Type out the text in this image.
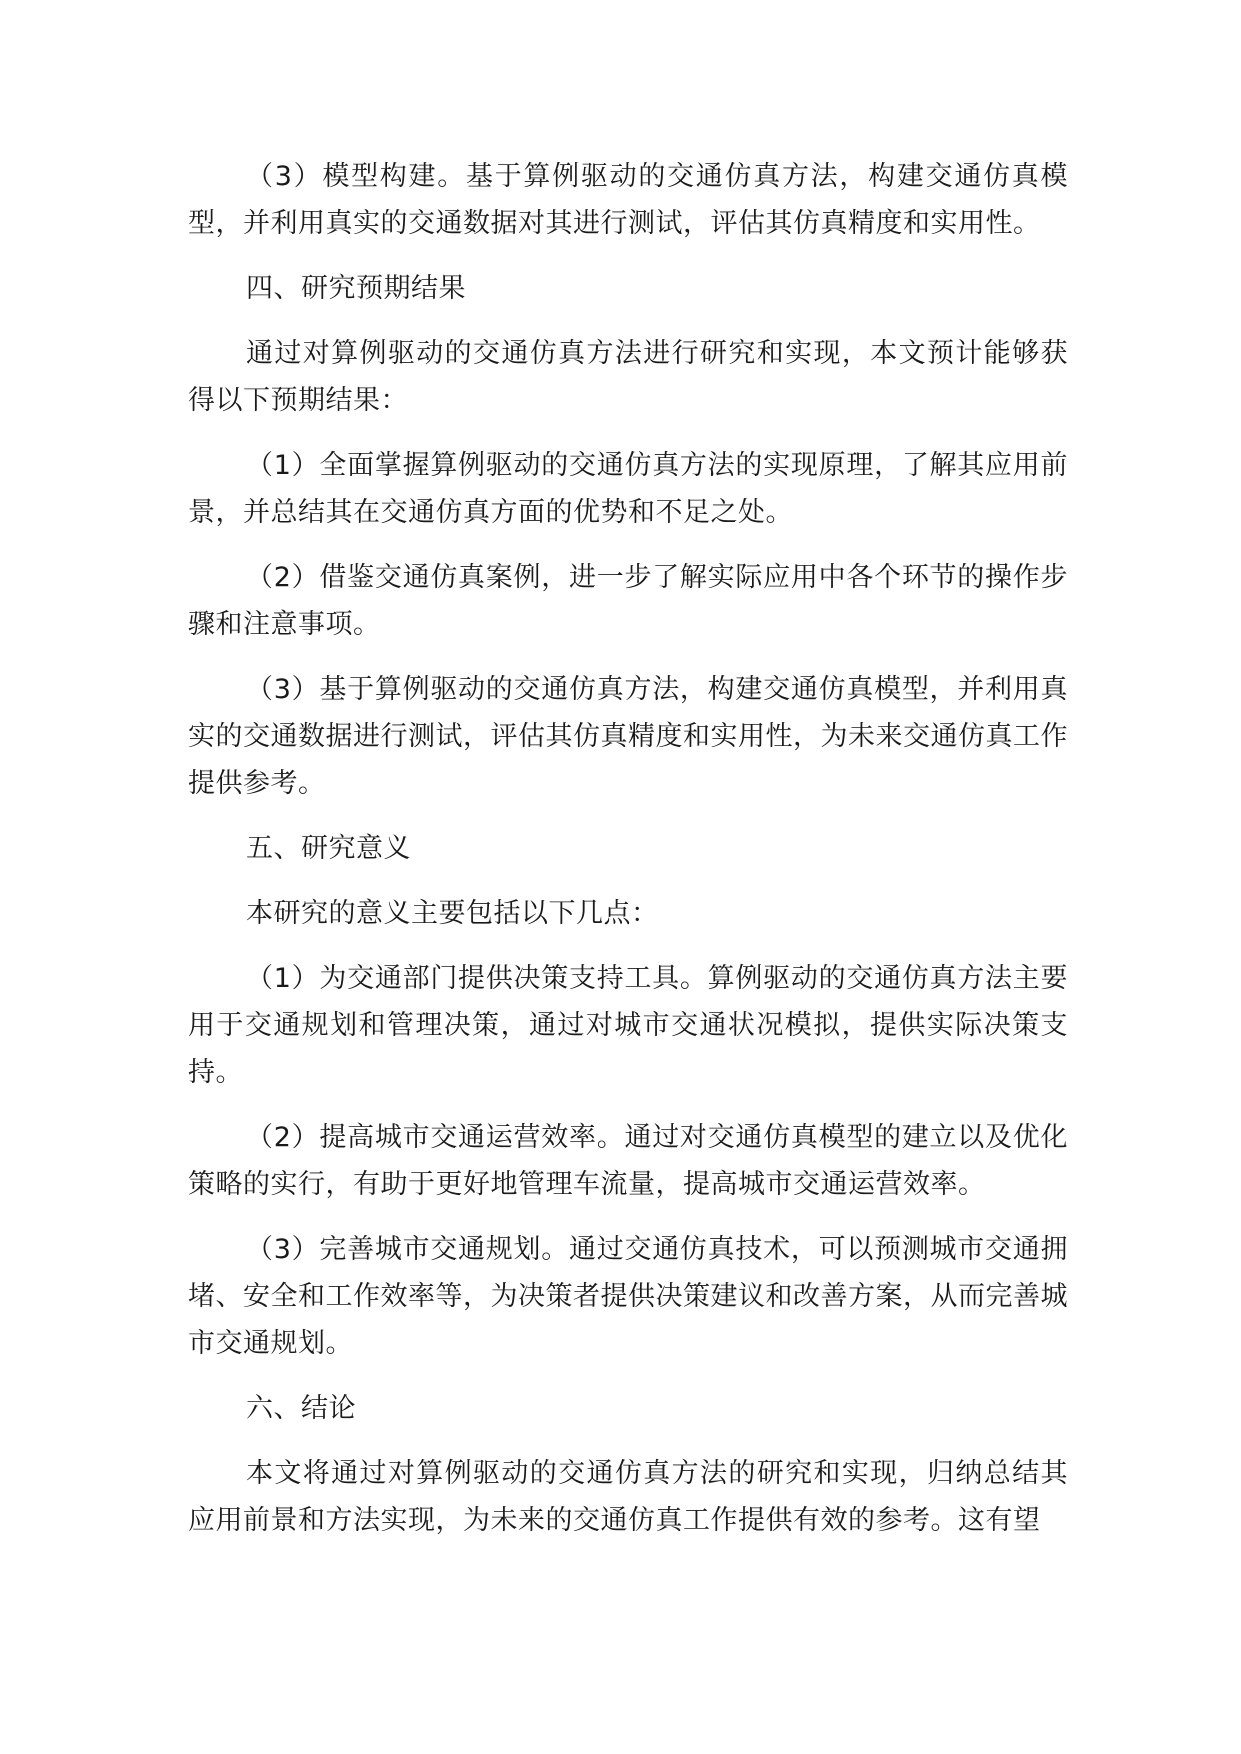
（3）模型构建。基于算例驱动的交通仿真方法，构建交通仿真模型，并利用真实的交通数据对其进行测试，评估其仿真精度和实用性。

四、研究预期结果

通过对算例驱动的交通仿真方法进行研究和实现，本文预计能够获得以下预期结果：

（1）全面掌握算例驱动的交通仿真方法的实现原理，了解其应用前景，并总结其在交通仿真方面的优势和不足之处。

（2）借鉴交通仿真案例，进一步了解实际应用中各个环节的操作步骤和注意事项。

（3）基于算例驱动的交通仿真方法，构建交通仿真模型，并利用真实的交通数据进行测试，评估其仿真精度和实用性，为未来交通仿真工作提供参考。

五、研究意义

本研究的意义主要包括以下几点：

（1）为交通部门提供决策支持工具。算例驱动的交通仿真方法主要用于交通规划和管理决策，通过对城市交通状况模拟，提供实际决策支持。

（2）提高城市交通运营效率。通过对交通仿真模型的建立以及优化策略的实行，有助于更好地管理车流量，提高城市交通运营效率。

（3）完善城市交通规划。通过交通仿真技术，可以预测城市交通拥堵、安全和工作效率等，为决策者提供决策建议和改善方案，从而完善城市交通规划。

六、结论

本文将通过对算例驱动的交通仿真方法的研究和实现，归纳总结其应用前景和方法实现，为未来的交通仿真工作提供有效的参考。这有望
